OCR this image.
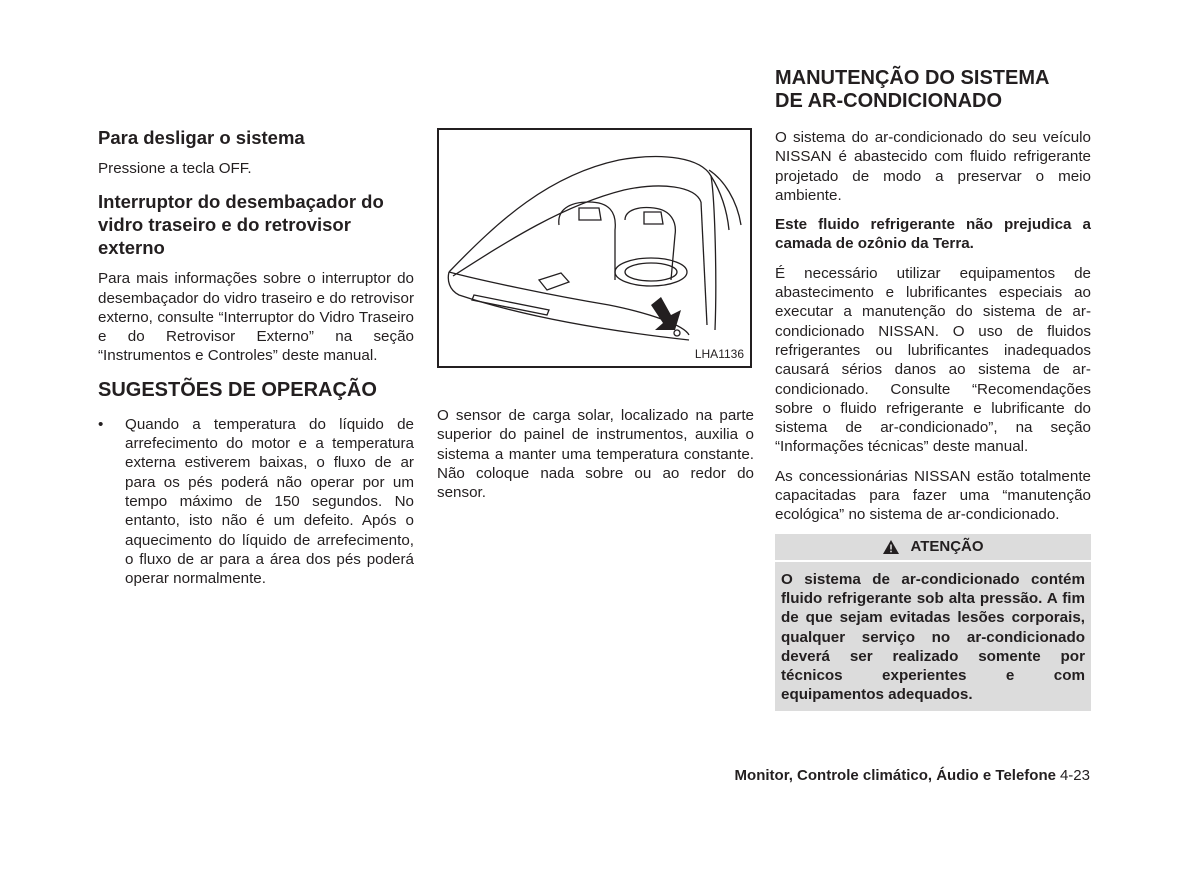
Para desligar o sistema

Pressione a tecla OFF.

Interruptor do desembaçador do vidro traseiro e do retrovisor externo

Para mais informações sobre o interruptor do desembaçador do vidro traseiro e do retrovisor externo, consulte “Interruptor do Vidro Traseiro e do Retrovisor Externo” na seção “Instrumentos e Controles” deste manual.

SUGESTÕES DE OPERAÇÃO
• Quando a temperatura do líquido de arrefecimento do motor e a temperatura externa estiverem baixas, o fluxo de ar para os pés poderá não operar por um tempo máximo de 150 segundos. No entanto, isto não é um defeito. Após o aquecimento do líquido de arrefecimento, o fluxo de ar para a área dos pés poderá operar normalmente.
LHA1136

O sensor de carga solar, localizado na parte superior do painel de instrumentos, auxilia o sistema a manter uma temperatura constante. Não coloque nada sobre ou ao redor do sensor.

MANUTENÇÃO DO SISTEMA DE AR-CONDICIONADO

O sistema do ar-condicionado do seu veículo NISSAN é abastecido com fluido refrigerante projetado de modo a preservar o meio ambiente.

Este fluido refrigerante não prejudica a camada de ozônio da Terra.

É necessário utilizar equipamentos de abastecimento e lubrificantes especiais ao executar a manutenção do sistema de ar-condicionado NISSAN. O uso de fluidos refrigerantes ou lubrificantes inadequados causará sérios danos ao sistema de ar-condicionado. Consulte “Recomendações sobre o fluido refrigerante e lubrificante do sistema de ar-condicionado”, na seção “Informações técnicas” deste manual.

As concessionárias NISSAN estão totalmente capacitadas para fazer uma “manutenção ecológica” no sistema de ar-condicionado.

ATENÇÃO
O sistema de ar-condicionado contém fluido refrigerante sob alta pressão. A fim de que sejam evitadas lesões corporais, qualquer serviço no ar-condicionado deverá ser realizado somente por técnicos experientes e com equipamentos adequados.
Monitor, Controle climático, Áudio e Telefone 4-23
